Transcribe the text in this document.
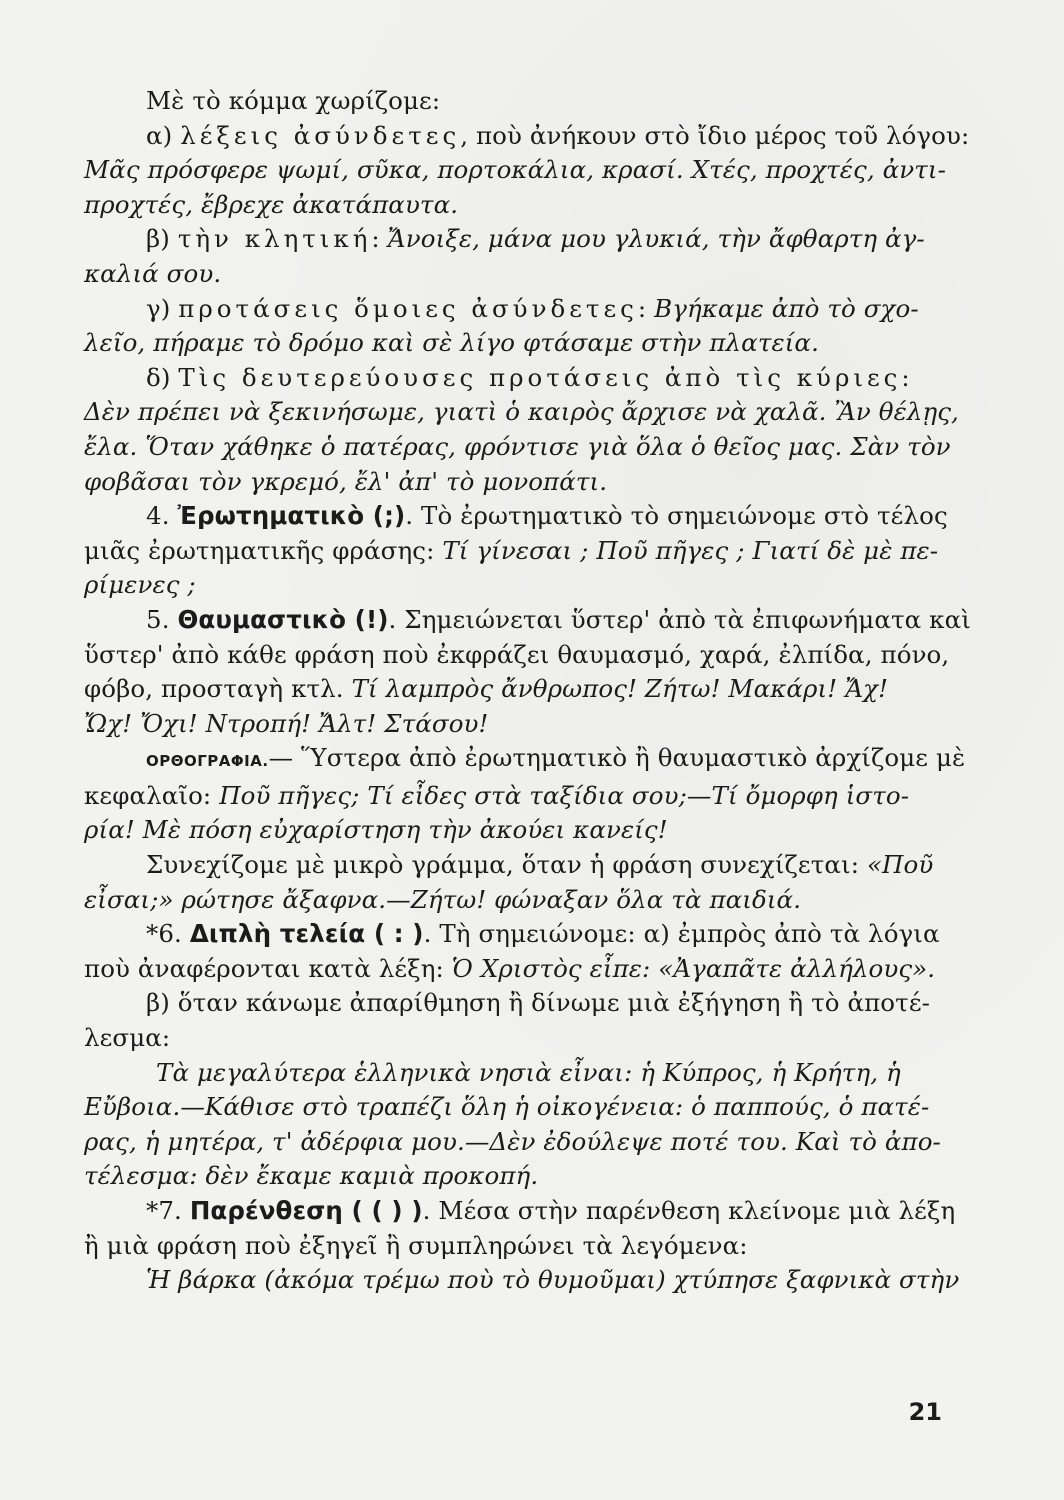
Μὲ τὸ κόμμα χωρίζομε:
α) λέξεις ἀσύνδετες, ποὺ ἀνήκουν στὸ ἴδιο μέρος τοῦ λόγου:
Μᾶς πρόσφερε ψωμί, σῦκα, πορτοκάλια, κρασί. Χτές, προχτές, ἀντι-
προχτές, ἔβρεχε ἀκατάπαυτα.
β) τὴν κλητική: Ἄνοιξε, μάνα μου γλυκιά, τὴν ἄφθαρτη ἀγ-
καλιά σου.
γ) προτάσεις ὅμοιες ἀσύνδετες: Βγήκαμε ἀπὸ τὸ σχο-
λεῖο, πήραμε τὸ δρόμο καὶ σὲ λίγο φτάσαμε στὴν πλατεία.
δ) Τὶς δευτερεύουσες προτάσεις ἀπὸ τὶς κύριες:
Δὲν πρέπει νὰ ξεκινήσωμε, γιατὶ ὁ καιρὸς ἄρχισε νὰ χαλᾶ. Ἂν θέλῃς,
ἔλα. Ὅταν χάθηκε ὁ πατέρας, φρόντισε γιὰ ὅλα ὁ θεῖος μας. Σὰν τὸν
φοβᾶσαι τὸν γκρεμό, ἔλ' ἀπ' τὸ μονοπάτι.
4. Ἐρωτηματικὸ (;). Τὸ ἐρωτηματικὸ τὸ σημειώνομε στὸ τέλος
μιᾶς ἐρωτηματικῆς φράσης: Τί γίνεσαι ; Ποῦ πῆγες ; Γιατί δὲ μὲ πε-
ρίμενες ;
5. Θαυμαστικὸ (!). Σημειώνεται ὕστερ' ἀπὸ τὰ ἐπιφωνήματα καὶ
ὕστερ' ἀπὸ κάθε φράση ποὺ ἐκφράζει θαυμασμό, χαρά, ἐλπίδα, πόνο,
φόβο, προσταγὴ κτλ. Τί λαμπρὸς ἄνθρωπος! Ζήτω! Μακάρι! Ἄχ!
Ὤχ! Ὄχι! Ντροπή! Ἄλτ! Στάσου!
ΟΡΘΟΓΡΑΦΙΑ.— Ὕστερα ἀπὸ ἐρωτηματικὸ ἢ θαυμαστικὸ ἀρχίζομε μὲ
κεφαλαῖο: Ποῦ πῆγες; Τί εἶδες στὰ ταξίδια σου;—Τί ὄμορφη ἱστο-
ρία! Μὲ πόση εὐχαρίστηση τὴν ἀκούει κανείς!
Συνεχίζομε μὲ μικρὸ γράμμα, ὅταν ἡ φράση συνεχίζεται: «Ποῦ
εἶσαι;» ρώτησε ἄξαφνα.—Ζήτω! φώναξαν ὅλα τὰ παιδιά.
*6. Διπλὴ τελεία ( : ). Τὴ σημειώνομε: α) ἐμπρὸς ἀπὸ τὰ λόγια
ποὺ ἀναφέρονται κατὰ λέξη: Ὁ Χριστὸς εἶπε: «Ἀγαπᾶτε ἀλλήλους».
β) ὅταν κάνωμε ἀπαρίθμηση ἢ δίνωμε μιὰ ἐξήγηση ἢ τὸ ἀποτέ-
λεσμα:
Τὰ μεγαλύτερα ἑλληνικὰ νησιὰ εἶναι: ἡ Κύπρος, ἡ Κρήτη, ἡ
Εὔβοια.—Κάθισε στὸ τραπέζι ὅλη ἡ οἰκογένεια: ὁ παππούς, ὁ πατέ-
ρας, ἡ μητέρα, τ' ἀδέρφια μου.—Δὲν ἐδούλεψε ποτέ του. Καὶ τὸ ἀπο-
τέλεσμα: δὲν ἔκαμε καμιὰ προκοπή.
*7. Παρένθεση ( ( ) ). Μέσα στὴν παρένθεση κλείνομε μιὰ λέξη
ἢ μιὰ φράση ποὺ ἐξηγεῖ ἢ συμπληρώνει τὰ λεγόμενα:
Ἡ βάρκα (ἀκόμα τρέμω ποὺ τὸ θυμοῦμαι) χτύπησε ξαφνικὰ στὴν
21
